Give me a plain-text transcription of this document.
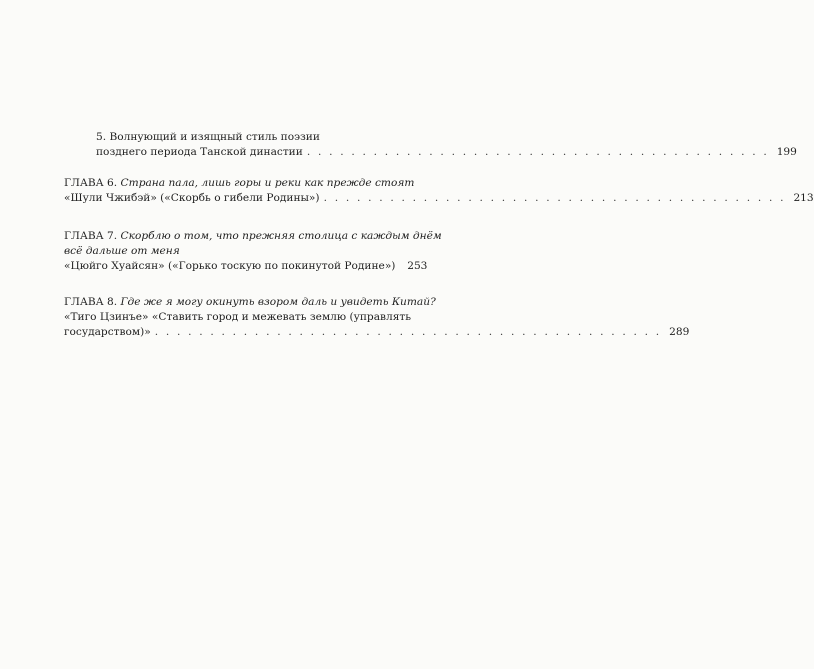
5. Волнующий и изящный стиль поэзии
позднего периода Танской династии . . . . . . . . . . . . . . . . . . . . . . . . . . . . . . . . . . . . . . . . . . 199
ГЛАВА 6.
Страна пала, лишь горы и реки как прежде стоят
«Шули Чжибэй» («Скорбь о гибели Родины») . . . . . . . . . . . . . . . . . . . . . . . . . . . . . . . . . . . . . . . . . . 213
ГЛАВА 7.
Скорблю о том, что прежняя столица с каждым днём
всё дальше от меня
«Цюйго Хуайсян» («Горько тоскую по покинутой Родине»)	253
ГЛАВА 8.
Где же я могу окинуть взором даль и увидеть Китай?
«Тиго Цзинъе» «Ставить город и межевать землю (управлять
государством)» . . . . . . . . . . . . . . . . . . . . . . . . . . . . . . . . . . . . . . . . . . . . . . 289
